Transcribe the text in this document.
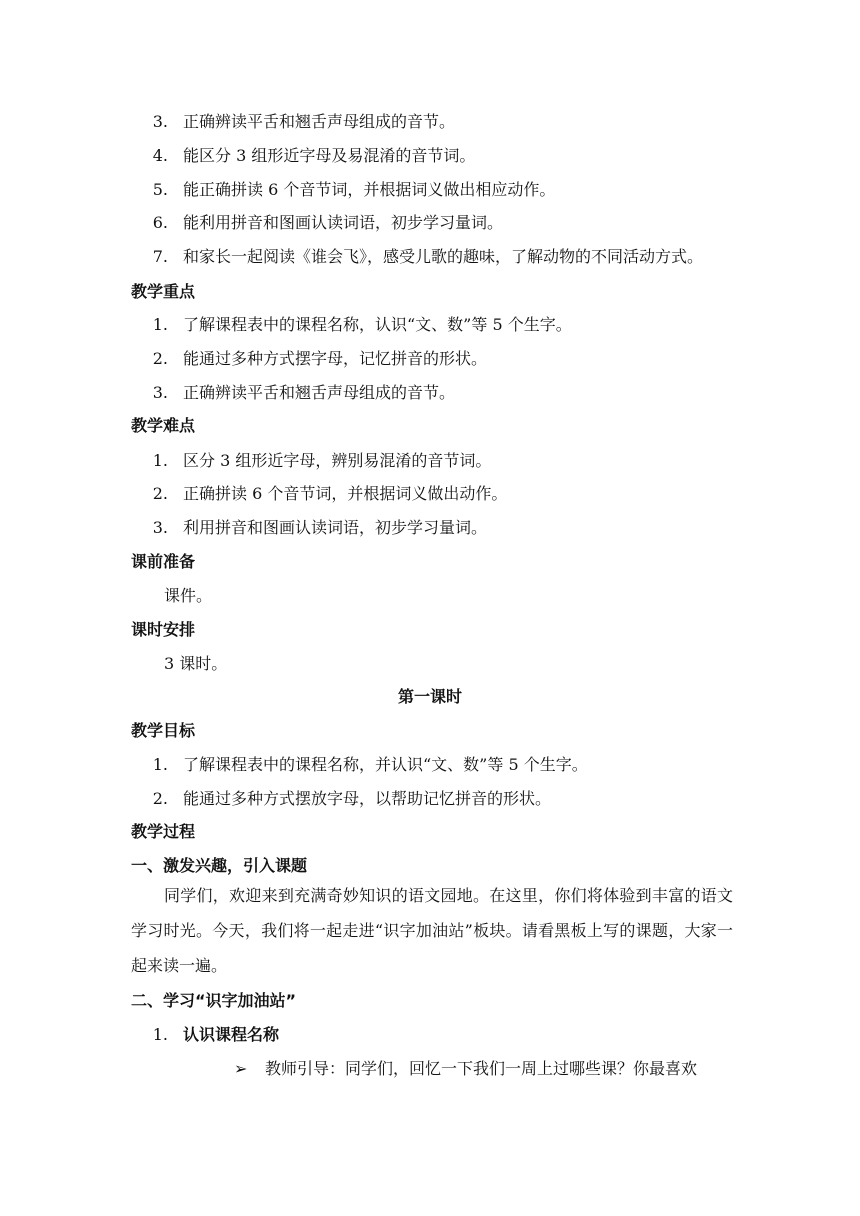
3. 正确辨读平舌和翘舌声母组成的音节。
4. 能区分 3 组形近字母及易混淆的音节词。
5. 能正确拼读 6 个音节词，并根据词义做出相应动作。
6. 能利用拼音和图画认读词语，初步学习量词。
7. 和家长一起阅读《谁会飞》，感受儿歌的趣味，了解动物的不同活动方式。
教学重点
1. 了解课程表中的课程名称，认识“文、数”等 5 个生字。
2. 能通过多种方式摆字母，记忆拼音的形状。
3. 正确辨读平舌和翘舌声母组成的音节。
教学难点
1. 区分 3 组形近字母，辨别易混淆的音节词。
2. 正确拼读 6 个音节词，并根据词义做出动作。
3. 利用拼音和图画认读词语，初步学习量词。
课前准备
课件。
课时安排
3 课时。
第一课时
教学目标
1. 了解课程表中的课程名称，并认识“文、数”等 5 个生字。
2. 能通过多种方式摆放字母，以帮助记忆拼音的形状。
教学过程
一、激发兴趣，引入课题
同学们，欢迎来到充满奇妙知识的语文园地。在这里，你们将体验到丰富的语文学习时光。今天，我们将一起走进“识字加油站”板块。请看黑板上写的课题，大家一起来读一遍。
二、学习“识字加油站”
1. 认识课程名称
➢ 教师引导：同学们，回忆一下我们一周上过哪些课？你最喜欢
